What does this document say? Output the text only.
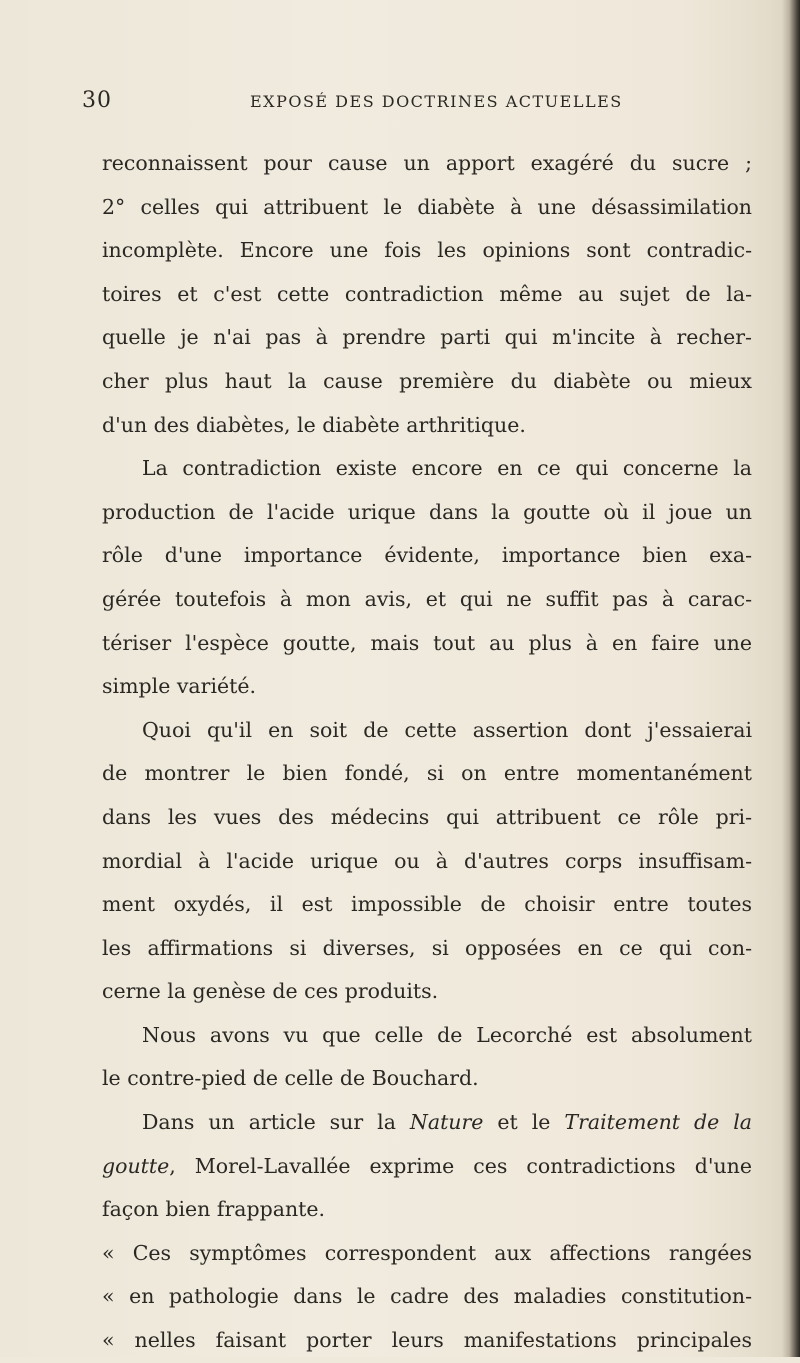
30	EXPOSÉ DES DOCTRINES ACTUELLES
reconnaissent pour cause un apport exagéré du sucre ;
2° celles qui attribuent le diabète à une désassimilation
incomplète. Encore une fois les opinions sont contradic-
toires et c'est cette contradiction même au sujet de la-
quelle je n'ai pas à prendre parti qui m'incite à recher-
cher plus haut la cause première du diabète ou mieux
d'un des diabètes, le diabète arthritique.
La contradiction existe encore en ce qui concerne la
production de l'acide urique dans la goutte où il joue un
rôle d'une importance évidente, importance bien exa-
gérée toutefois à mon avis, et qui ne suffit pas à carac-
tériser l'espèce goutte, mais tout au plus à en faire une
simple variété.
Quoi qu'il en soit de cette assertion dont j'essaierai
de montrer le bien fondé, si on entre momentanément
dans les vues des médecins qui attribuent ce rôle pri-
mordial à l'acide urique ou à d'autres corps insuffisam-
ment oxydés, il est impossible de choisir entre toutes
les affirmations si diverses, si opposées en ce qui con-
cerne la genèse de ces produits.
Nous avons vu que celle de Lecorché est absolument
le contre-pied de celle de Bouchard.
Dans un article sur la Nature et le Traitement de la
goutte, Morel-Lavallée exprime ces contradictions d'une
façon bien frappante.
« Ces symptômes correspondent aux affections rangées
« en pathologie dans le cadre des maladies constitution-
« nelles faisant porter leurs manifestations principales
